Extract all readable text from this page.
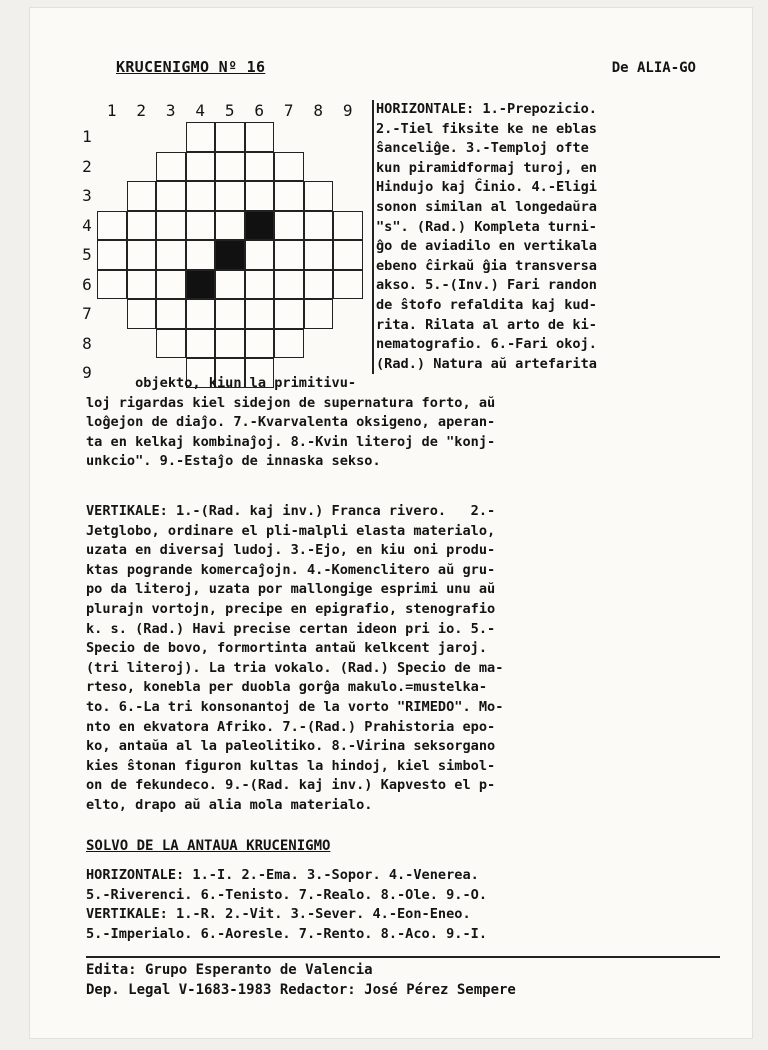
KRUCENIGMO Nº 16	De ALIA-GO
1	2	3	4	5	6	7	8	9
1
2
3
4
5
6
7
8
9
HORIZONTALE: 1.-Prepozicio.
2.-Tiel fiksite ke ne eblas
ŝanceliĝe. 3.-Temploj ofte
kun piramidformaj turoj, en
Hindujo kaj Ĉinio. 4.-Eligi
sonon similan al longedaŭra
"s". (Rad.) Kompleta turni-
ĝo de aviadilo en vertikala
ebeno ĉirkaŭ ĝia transversa
akso. 5.-(Inv.) Fari randon
de ŝtofo refaldita kaj kud-
rita. Rilata al arto de ki-
nematografio. 6.-Fari okoj.
(Rad.) Natura aŭ artefarita
objekto, kiun la primitivu-
loj rigardas kiel sidejon de supernatura forto, aŭ
loĝejon de diaĵo. 7.-Kvarvalenta oksigeno, aperan-
ta en kelkaj kombinaĵoj. 8.-Kvin literoj de "konj-
unkcio". 9.-Estaĵo de innaska sekso.
VERTIKALE: 1.-(Rad. kaj inv.) Franca rivero.   2.-
Jetglobo, ordinare el pli-malpli elasta materialo,
uzata en diversaj ludoj. 3.-Ejo, en kiu oni produ-
ktas pogrande komercaĵojn. 4.-Komenclitero aŭ gru-
po da literoj, uzata por mallongige esprimi unu aŭ
plurajn vortojn, precipe en epigrafio, stenografio
k. s. (Rad.) Havi precise certan ideon pri io. 5.-
Specio de bovo, formortinta antaŭ kelkcent jaroj.
(tri literoj). La tria vokalo. (Rad.) Specio de ma-
rteso, konebla per duobla gorĝa makulo.=mustelka-
to. 6.-La tri konsonantoj de la vorto "RIMEDO". Mo-
nto en ekvatora Afriko. 7.-(Rad.) Prahistoria epo-
ko, antaŭa al la paleolitiko. 8.-Virina seksorgano
kies ŝtonan figuron kultas la hindoj, kiel simbol-
on de fekundeco. 9.-(Rad. kaj inv.) Kapvesto el p-
elto, drapo aŭ alia mola materialo.
SOLVO DE LA ANTAUA KRUCENIGMO
HORIZONTALE: 1.-I. 2.-Ema. 3.-Sopor. 4.-Venerea.
5.-Riverenci. 6.-Tenisto. 7.-Realo. 8.-Ole. 9.-O.
VERTIKALE: 1.-R. 2.-Vit. 3.-Sever. 4.-Eon-Eneo.
5.-Imperialo. 6.-Aoresle. 7.-Rento. 8.-Aco. 9.-I.
Edita: Grupo Esperanto de Valencia
Dep. Legal V-1683-1983 Redactor: José Pérez Sempere
